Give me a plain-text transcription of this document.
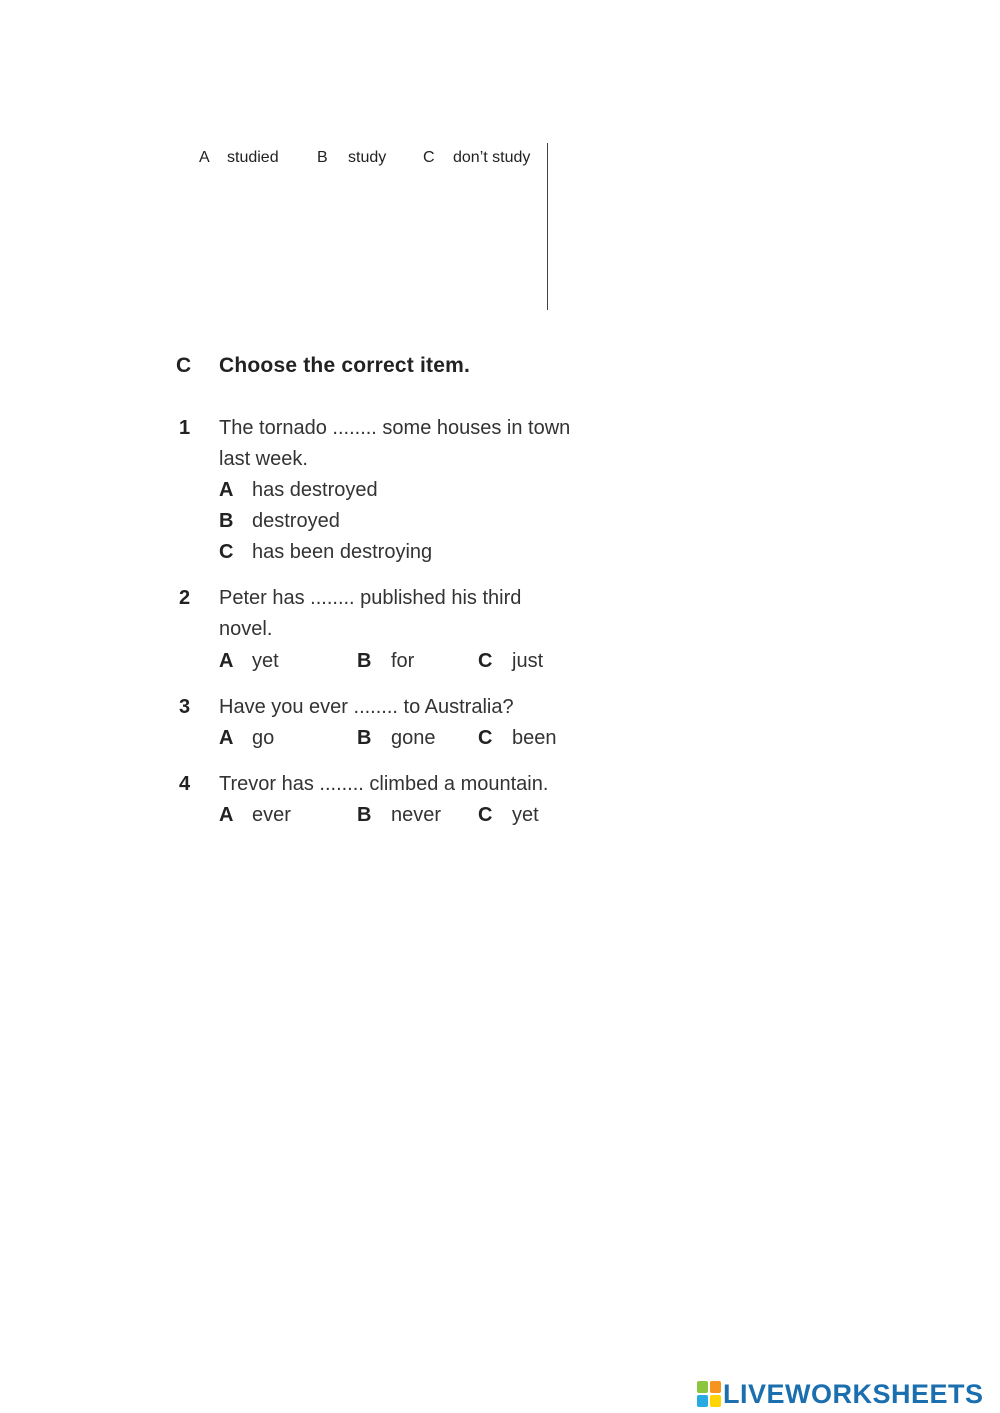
A studied B study C don’t study
C Choose the correct item.
1 The tornado ........ some houses in town
last week.
A has destroyed
B destroyed
C has been destroying
2 Peter has ........ published his third
novel.
A yet	B for	C just
3 Have you ever ........ to Australia?
A go	B gone C been
4 Trevor has ........ climbed a mountain.
A ever	B never C yet
LIVEWORKSHEETS
